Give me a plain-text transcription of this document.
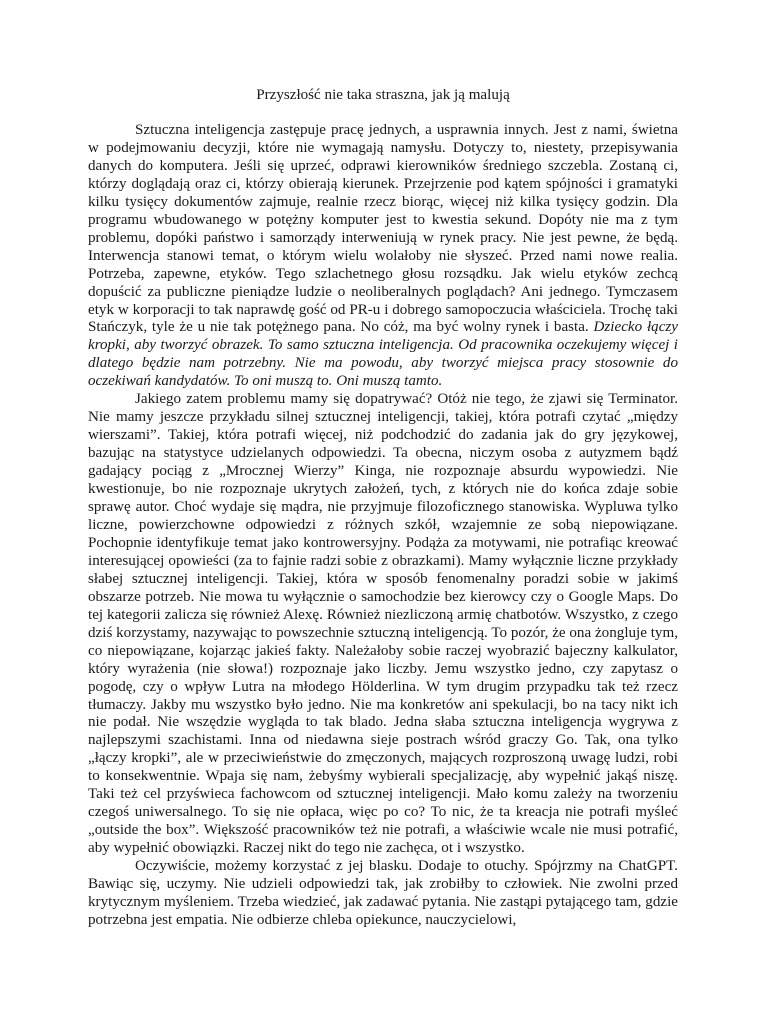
Przyszłość nie taka straszna, jak ją malują

Sztuczna inteligencja zastępuje pracę jednych, a usprawnia innych. Jest z nami, świetna w podejmowaniu decyzji, które nie wymagają namysłu. Dotyczy to, niestety, przepisywania danych do komputera. Jeśli się uprzeć, odprawi kierowników średniego szczebla. Zostaną ci, którzy doglądają oraz ci, którzy obierają kierunek. Przejrzenie pod kątem spójności i gramatyki kilku tysięcy dokumentów zajmuje, realnie rzecz biorąc, więcej niż kilka tysięcy godzin. Dla programu wbudowanego w potężny komputer jest to kwestia sekund. Dopóty nie ma z tym problemu, dopóki państwo i samorządy interweniują w rynek pracy. Nie jest pewne, że będą. Interwencja stanowi temat, o którym wielu wolałoby nie słyszeć. Przed nami nowe realia. Potrzeba, zapewne, etyków. Tego szlachetnego głosu rozsądku. Jak wielu etyków zechcą dopuścić za publiczne pieniądze ludzie o neoliberalnych poglądach? Ani jednego. Tymczasem etyk w korporacji to tak naprawdę gość od PR-u i dobrego samopoczucia właściciela. Trochę taki Stańczyk, tyle że u nie tak potężnego pana. No cóż, ma być wolny rynek i basta. Dziecko łączy kropki, aby tworzyć obrazek. To samo sztuczna inteligencja. Od pracownika oczekujemy więcej i dlatego będzie nam potrzebny. Nie ma powodu, aby tworzyć miejsca pracy stosownie do oczekiwań kandydatów. To oni muszą to. Oni muszą tamto.

Jakiego zatem problemu mamy się dopatrywać? Otóż nie tego, że zjawi się Terminator. Nie mamy jeszcze przykładu silnej sztucznej inteligencji, takiej, która potrafi czytać „między wierszami”. Takiej, która potrafi więcej, niż podchodzić do zadania jak do gry językowej, bazując na statystyce udzielanych odpowiedzi. Ta obecna, niczym osoba z autyzmem bądź gadający pociąg z „Mrocznej Wierzy” Kinga, nie rozpoznaje absurdu wypowiedzi. Nie kwestionuje, bo nie rozpoznaje ukrytych założeń, tych, z których nie do końca zdaje sobie sprawę autor. Choć wydaje się mądra, nie przyjmuje filozoficznego stanowiska. Wypluwa tylko liczne, powierzchowne odpowiedzi z różnych szkół, wzajemnie ze sobą niepowiązane. Pochopnie identyfikuje temat jako kontrowersyjny. Podąża za motywami, nie potrafiąc kreować interesującej opowieści (za to fajnie radzi sobie z obrazkami). Mamy wyłącznie liczne przykłady słabej sztucznej inteligencji. Takiej, która w sposób fenomenalny poradzi sobie w jakimś obszarze potrzeb. Nie mowa tu wyłącznie o samochodzie bez kierowcy czy o Google Maps. Do tej kategorii zalicza się również Alexę. Również niezliczoną armię chatbotów. Wszystko, z czego dziś korzystamy, nazywając to powszechnie sztuczną inteligencją. To pozór, że ona żongluje tym, co niepowiązane, kojarząc jakieś fakty. Należałoby sobie raczej wyobrazić bajeczny kalkulator, który wyrażenia (nie słowa!) rozpoznaje jako liczby. Jemu wszystko jedno, czy zapytasz o pogodę, czy o wpływ Lutra na młodego Hölderlina. W tym drugim przypadku tak też rzecz tłumaczy. Jakby mu wszystko było jedno. Nie ma konkretów ani spekulacji, bo na tacy nikt ich nie podał. Nie wszędzie wygląda to tak blado. Jedna słaba sztuczna inteligencja wygrywa z najlepszymi szachistami. Inna od niedawna sieje postrach wśród graczy Go. Tak, ona tylko „łączy kropki”, ale w przeciwieństwie do zmęczonych, mających rozproszoną uwagę ludzi, robi to konsekwentnie. Wpaja się nam, żebyśmy wybierali specjalizację, aby wypełnić jakąś niszę. Taki też cel przyświeca fachowcom od sztucznej inteligencji. Mało komu zależy na tworzeniu czegoś uniwersalnego. To się nie opłaca, więc po co? To nic, że ta kreacja nie potrafi myśleć „outside the box”. Większość pracowników też nie potrafi, a właściwie wcale nie musi potrafić, aby wypełnić obowiązki. Raczej nikt do tego nie zachęca, ot i wszystko.

Oczywiście, możemy korzystać z jej blasku. Dodaje to otuchy. Spójrzmy na ChatGPT. Bawiąc się, uczymy. Nie udzieli odpowiedzi tak, jak zrobiłby to człowiek. Nie zwolni przed krytycznym myśleniem. Trzeba wiedzieć, jak zadawać pytania. Nie zastąpi pytającego tam, gdzie potrzebna jest empatia. Nie odbierze chleba opiekunce, nauczycielowi,
